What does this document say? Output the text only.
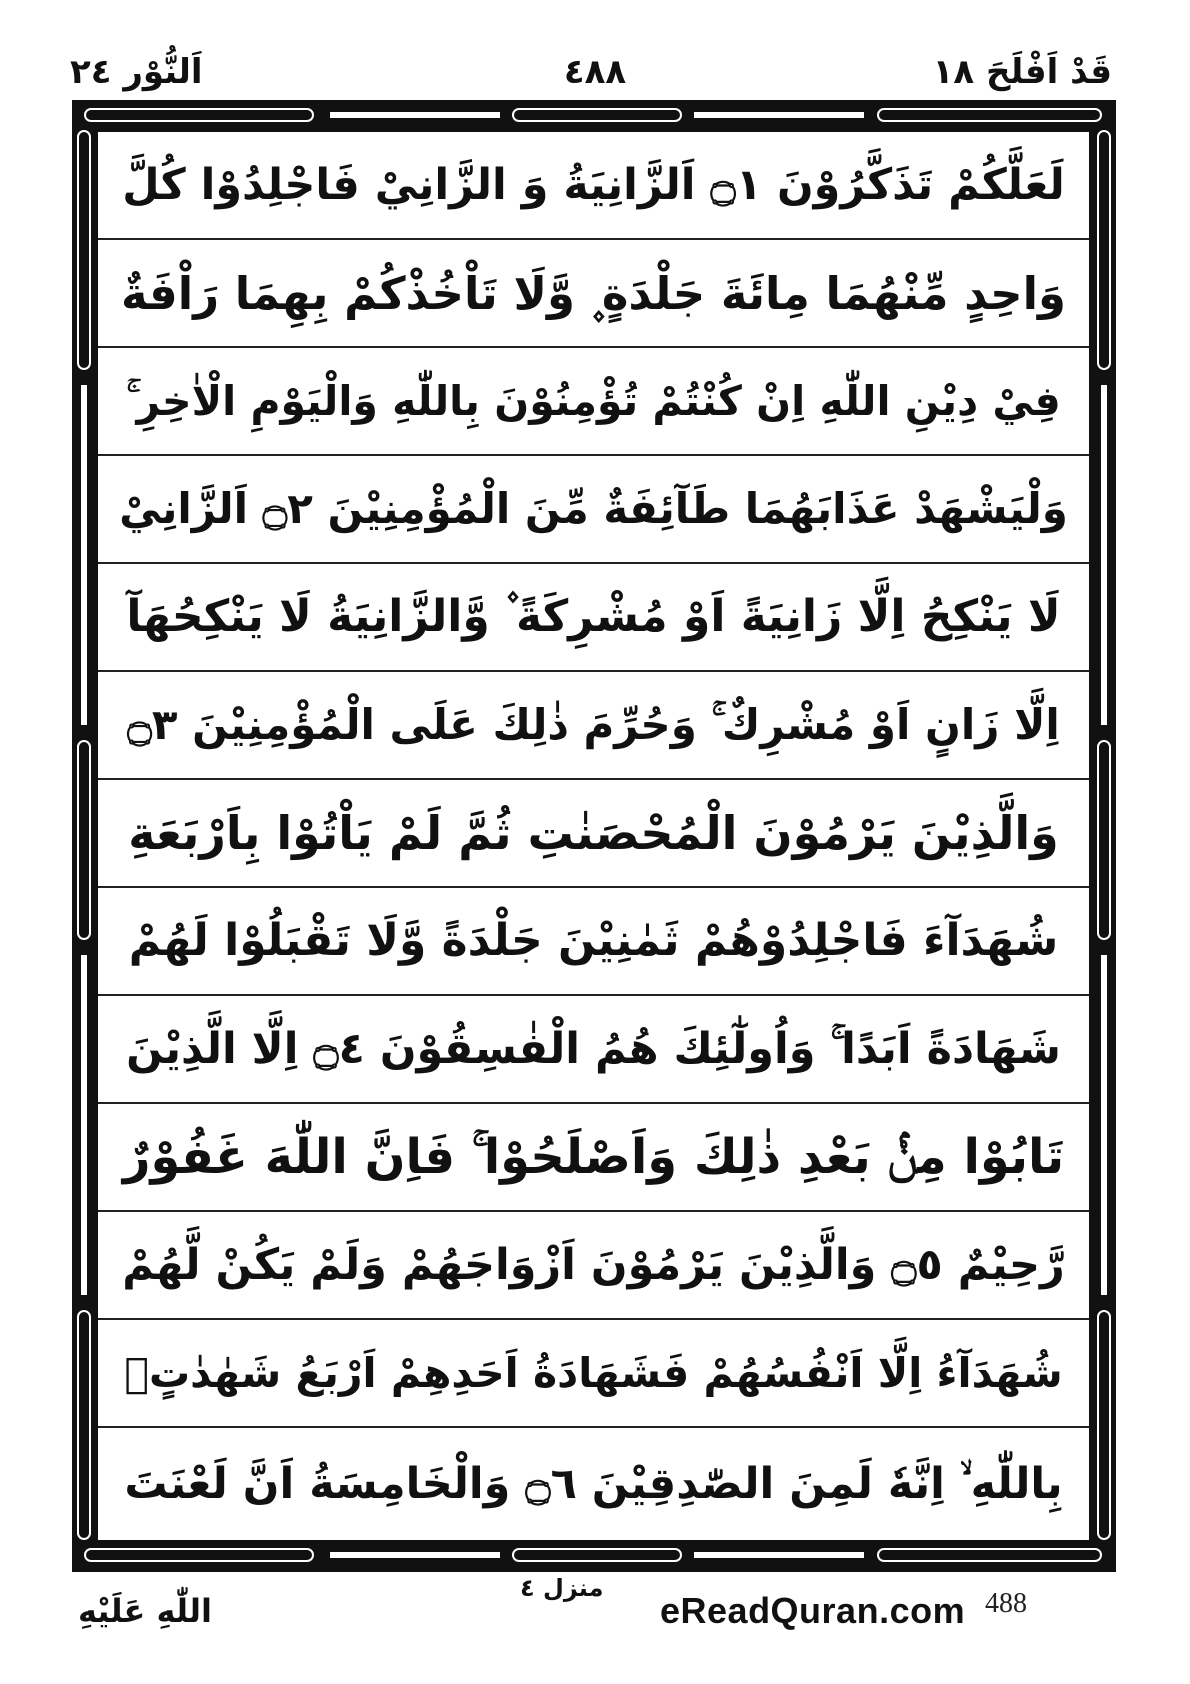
قَدْ اَفْلَحَ ١٨
٤٨٨
اَلنُّوْر ٢٤
لَعَلَّكُمْ تَذَكَّرُوْنَ ۝١ اَلزَّانِيَةُ وَ الزَّانِيْ فَاجْلِدُوْا كُلَّ
وَاحِدٍ مِّنْهُمَا مِائَةَ جَلْدَةٍ ۪ وَّلَا تَاْخُذْكُمْ بِهِمَا رَاْفَةٌ
فِيْ دِيْنِ اللّٰهِ اِنْ كُنْتُمْ تُؤْمِنُوْنَ بِاللّٰهِ وَالْيَوْمِ الْاٰخِرِ ۚ
وَلْيَشْهَدْ عَذَابَهُمَا طَآئِفَةٌ مِّنَ الْمُؤْمِنِيْنَ ۝٢ اَلزَّانِيْ
لَا يَنْكِحُ اِلَّا زَانِيَةً اَوْ مُشْرِكَةً ۫ وَّالزَّانِيَةُ لَا يَنْكِحُهَآ
اِلَّا زَانٍ اَوْ مُشْرِكٌ ۚ وَحُرِّمَ ذٰلِكَ عَلَى الْمُؤْمِنِيْنَ ۝٣
وَالَّذِيْنَ يَرْمُوْنَ الْمُحْصَنٰتِ ثُمَّ لَمْ يَاْتُوْا بِاَرْبَعَةِ
شُهَدَآءَ فَاجْلِدُوْهُمْ ثَمٰنِيْنَ جَلْدَةً وَّلَا تَقْبَلُوْا لَهُمْ
شَهَادَةً اَبَدًا ۚ وَاُولٰٓئِكَ هُمُ الْفٰسِقُوْنَ ۝٤ اِلَّا الَّذِيْنَ
تَابُوْا مِنْۢ بَعْدِ ذٰلِكَ وَاَصْلَحُوْا ۚ فَاِنَّ اللّٰهَ غَفُوْرٌ
رَّحِيْمٌ ۝٥ وَالَّذِيْنَ يَرْمُوْنَ اَزْوَاجَهُمْ وَلَمْ يَكُنْ لَّهُمْ
شُهَدَآءُ اِلَّا اَنْفُسُهُمْ فَشَهَادَةُ اَحَدِهِمْ اَرْبَعُ شَهٰدٰتٍۭ
بِاللّٰهِ ۙ اِنَّهٗ لَمِنَ الصّٰدِقِيْنَ ۝٦ وَالْخَامِسَةُ اَنَّ لَعْنَتَ
اللّٰهِ عَلَيْهِ
منزل ٤
eReadQuran.com 488
